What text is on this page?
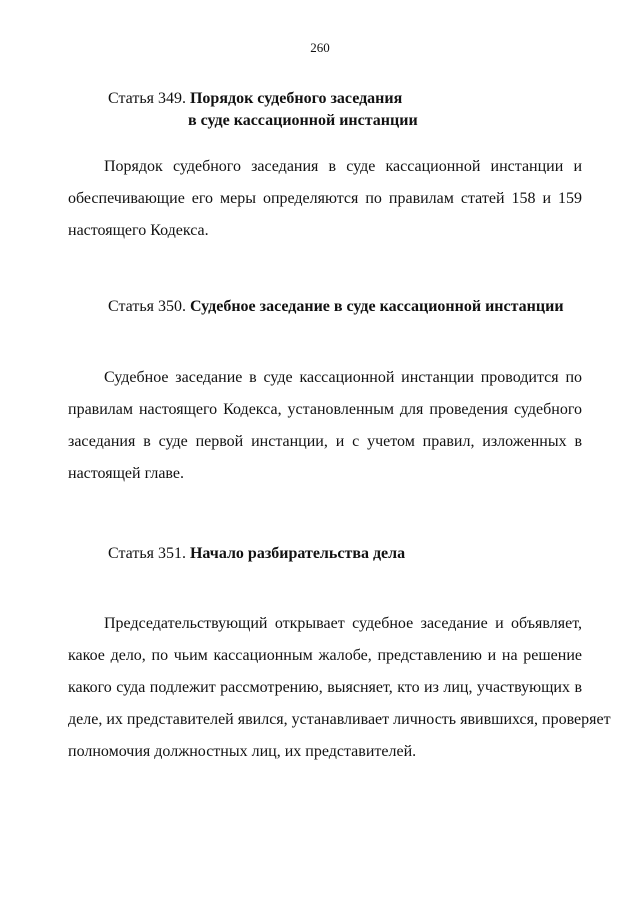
260
Статья 349. Порядок судебного заседания
в суде кассационной инстанции
Порядок судебного заседания в суде кассационной инстанции и
обеспечивающие его меры определяются по правилам статей 158 и 159
настоящего Кодекса.
Статья 350. Судебное заседание в суде кассационной инстанции
Судебное заседание в суде кассационной инстанции проводится по
правилам настоящего Кодекса, установленным для проведения судебного
заседания в суде первой инстанции, и с учетом правил, изложенных в
настоящей главе.
Статья 351. Начало разбирательства дела
Председательствующий открывает судебное заседание и объявляет,
какое дело, по чьим кассационным жалобе, представлению и на решение
какого суда подлежит рассмотрению, выясняет, кто из лиц, участвующих в
деле, их представителей явился, устанавливает личность явившихся, проверяет
полномочия должностных лиц, их представителей.
